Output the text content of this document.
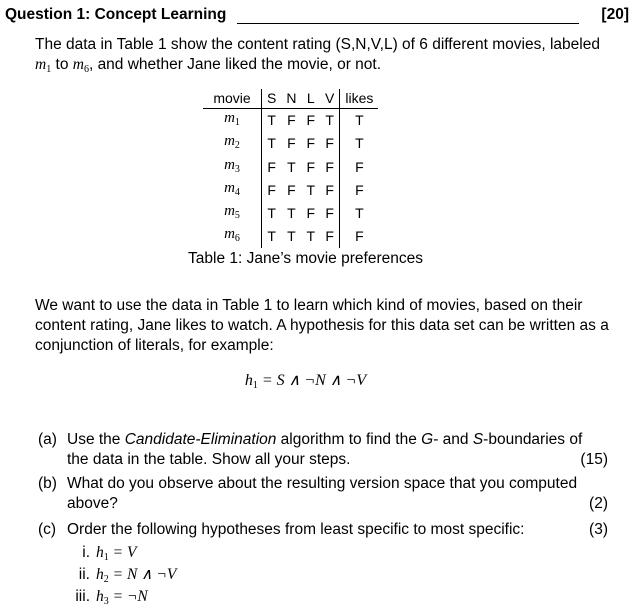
Question 1: Concept Learning	[20]
The data in Table 1 show the content rating (S,N,V,L) of 6 different movies, labeled $m_1$ to $m_6$, and whether Jane liked the movie, or not.
movie	S	N	L	V	likes
$m_1$	T	F	F	T	T
$m_2$	T	F	F	F	T
$m_3$	F	T	F	F	F
$m_4$	F	F	T	F	F
$m_5$	T	T	F	F	T
$m_6$	T	T	T	F	F
Table 1: Jane’s movie preferences
We want to use the data in Table 1 to learn which kind of movies, based on their content rating, Jane likes to watch. A hypothesis for this data set can be written as a conjunction of literals, for example:
$h_1 = S$ ∧ ¬N ∧ ¬V
(a) Use the Candidate-Elimination algorithm to find the G- and S-boundaries of the data in the table. Show all your steps.	(15)
(b) What do you observe about the resulting version space that you computed above?	(2)
(c) Order the following hypotheses from least specific to most specific:	(3)
i. $h_1 = V$
ii. $h_2 = N$ ∧ ¬V
iii. $h_3$ = ¬N
